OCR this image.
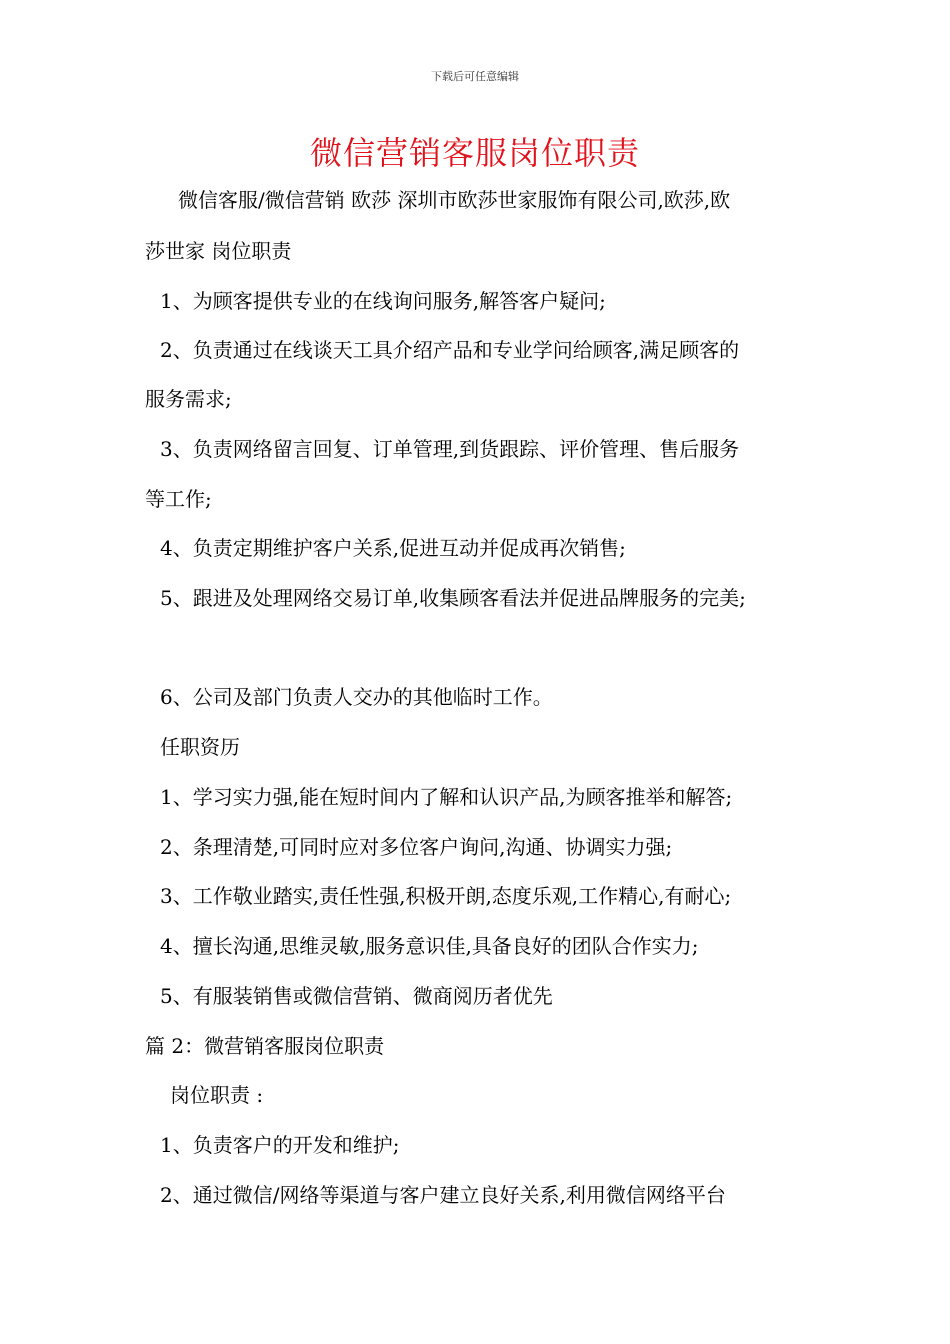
下载后可任意编辑
微信营销客服岗位职责
微信客服/微信营销 欧莎 深圳市欧莎世家服饰有限公司,欧莎,欧
莎世家 岗位职责
1、为顾客提供专业的在线询问服务,解答客户疑问;
2、负责通过在线谈天工具介绍产品和专业学问给顾客,满足顾客的
服务需求;
3、负责网络留言回复、订单管理,到货跟踪、评价管理、售后服务
等工作;
4、负责定期维护客户关系,促进互动并促成再次销售;
5、跟进及处理网络交易订单,收集顾客看法并促进品牌服务的完美;
6、公司及部门负责人交办的其他临时工作。
任职资历
1、学习实力强,能在短时间内了解和认识产品,为顾客推举和解答;
2、条理清楚,可同时应对多位客户询问,沟通、协调实力强;
3、工作敬业踏实,责任性强,积极开朗,态度乐观,工作精心,有耐心;
4、擅长沟通,思维灵敏,服务意识佳,具备良好的团队合作实力;
5、有服装销售或微信营销、微商阅历者优先
篇 2：微营销客服岗位职责
岗位职责 :
1、负责客户的开发和维护;
2、通过微信/网络等渠道与客户建立良好关系,利用微信网络平台
